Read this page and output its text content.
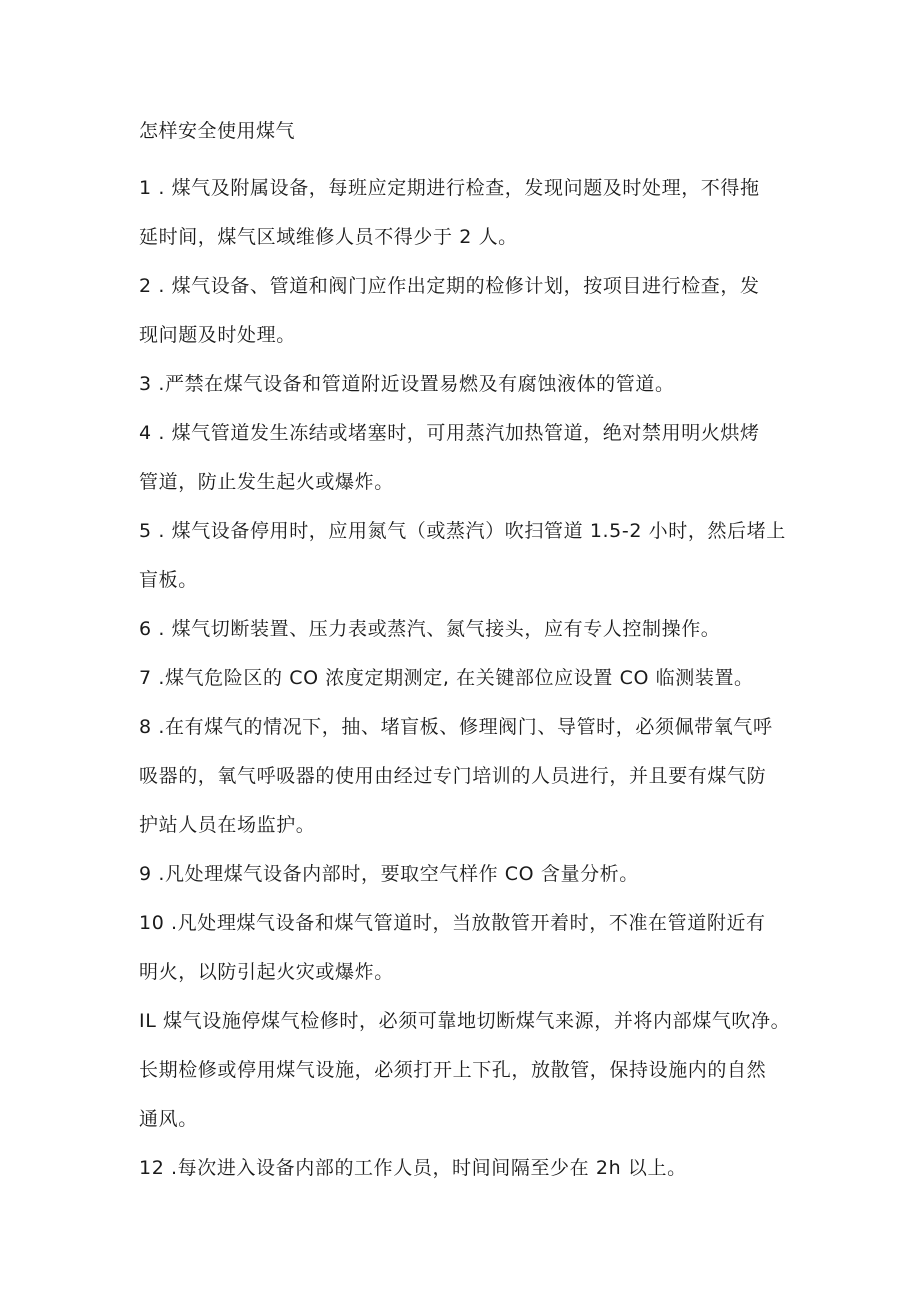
怎样安全使用煤气

1 . 煤气及附属设备，每班应定期进行检查，发现问题及时处理，不得拖
延时间，煤气区域维修人员不得少于 2 人。

2 . 煤气设备、管道和阀门应作出定期的检修计划，按项目进行检查，发
现问题及时处理。

3 .严禁在煤气设备和管道附近设置易燃及有腐蚀液体的管道。

4 . 煤气管道发生冻结或堵塞时，可用蒸汽加热管道，绝对禁用明火烘烤
管道，防止发生起火或爆炸。

5 . 煤气设备停用时，应用氮气（或蒸汽）吹扫管道 1.5-2 小时，然后堵上
盲板。

6 . 煤气切断装置、压力表或蒸汽、氮气接头，应有专人控制操作。

7 .煤气危险区的 CO 浓度定期测定, 在关键部位应设置 CO 临测装置。

8 .在有煤气的情况下，抽、堵盲板、修理阀门、导管时，必须佩带氧气呼
吸器的，氧气呼吸器的使用由经过专门培训的人员进行，并且要有煤气防
护站人员在场监护。

9 .凡处理煤气设备内部时，要取空气样作 CO 含量分析。

10 .凡处理煤气设备和煤气管道时，当放散管开着时，不准在管道附近有
明火，以防引起火灾或爆炸。

IL 煤气设施停煤气检修时，必须可靠地切断煤气来源，并将内部煤气吹净。
长期检修或停用煤气设施，必须打开上下孔，放散管，保持设施内的自然
通风。

12 .每次进入设备内部的工作人员，时间间隔至少在 2h 以上。
